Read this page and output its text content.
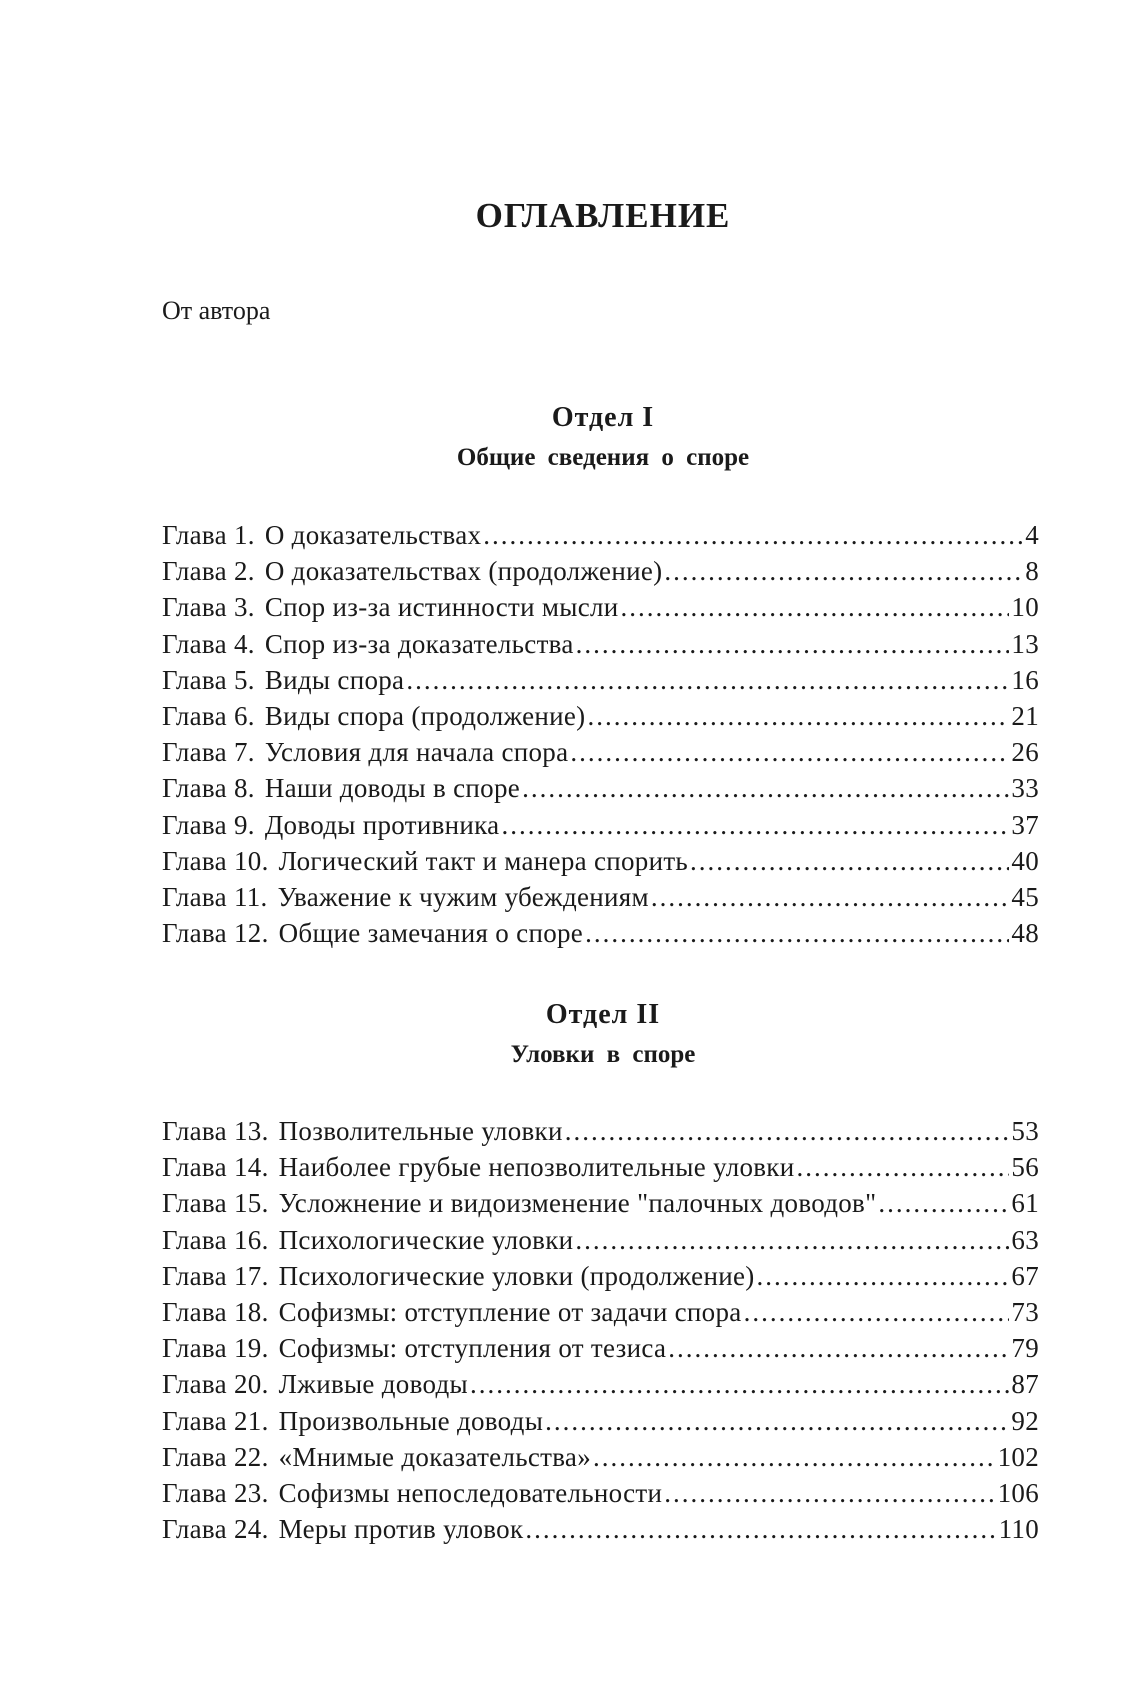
ОГЛАВЛЕНИЕ

От автора

Отдел I
Общие сведения о споре
Глава 1. О доказательствах .....	4
Глава 2. О доказательствах (продолжение) .....	8
Глава 3. Спор из-за истинности мысли .....	10
Глава 4. Спор из-за доказательства .....	13
Глава 5. Виды спора .....	16
Глава 6. Виды спора (продолжение) .....	21
Глава 7. Условия для начала спора .....	26
Глава 8. Наши доводы в споре .....	33
Глава 9. Доводы противника .....	37
Глава 10. Логический такт и манера спорить .....	40
Глава 11. Уважение к чужим убеждениям .....	45
Глава 12. Общие замечания о споре .....	48
Отдел II
Уловки в споре
Глава 13. Позволительные уловки .....	53
Глава 14. Наиболее грубые непозволительные уловки .....	56
Глава 15. Усложнение и видоизменение "палочных доводов" .....	61
Глава 16. Психологические уловки .....	63
Глава 17. Психологические уловки (продолжение) .....	67
Глава 18. Софизмы: отступление от задачи спора .....	73
Глава 19. Софизмы: отступления от тезиса .....	79
Глава 20. Лживые доводы .....	87
Глава 21. Произвольные доводы .....	92
Глава 22. «Мнимые доказательства» .....	102
Глава 23. Софизмы непоследовательности .....	106
Глава 24. Меры против уловок .....	110
